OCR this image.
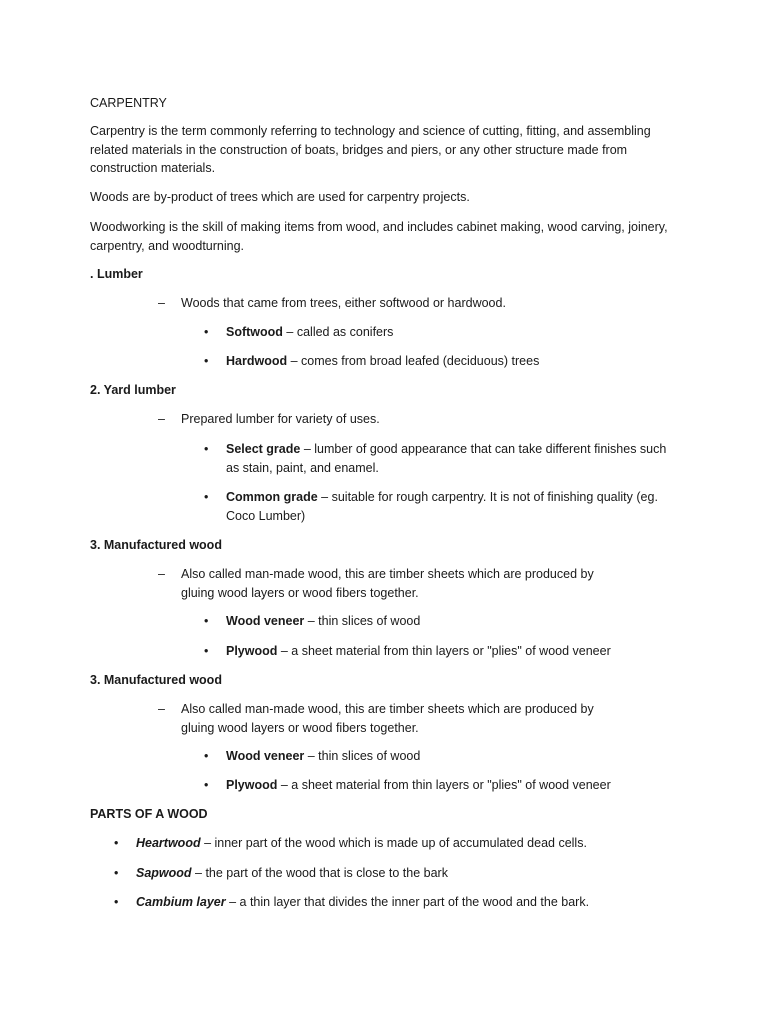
CARPENTRY

Carpentry is the term commonly referring to technology and science of cutting, fitting, and assembling related materials in the construction of boats, bridges and piers, or any other structure made from construction materials.

Woods are by-product of trees which are used for carpentry projects.

Woodworking is the skill of making items from wood, and includes cabinet making, wood carving, joinery, carpentry, and woodturning.

. Lumber

–	Woods that came from trees, either softwood or hardwood.
•	Softwood – called as conifers
•	Hardwood – comes from broad leafed (deciduous) trees

2. Yard lumber

–	Prepared lumber for variety of uses.
•	Select grade – lumber of good appearance that can take different finishes such as stain, paint, and enamel.
•	Common grade – suitable for rough carpentry. It is not of finishing quality (eg. Coco Lumber)

3. Manufactured wood

–	Also called man-made wood, this are timber sheets which are produced by gluing wood layers or wood fibers together.
•	Wood veneer – thin slices of wood
•	Plywood – a sheet material from thin layers or "plies" of wood veneer

3. Manufactured wood

–	Also called man-made wood, this are timber sheets which are produced by gluing wood layers or wood fibers together.
•	Wood veneer – thin slices of wood
•	Plywood – a sheet material from thin layers or "plies" of wood veneer

PARTS OF A WOOD

•	Heartwood – inner part of the wood which is made up of accumulated dead cells.
•	Sapwood – the part of the wood that is close to the bark
•	Cambium layer – a thin layer that divides the inner part of the wood and the bark.
